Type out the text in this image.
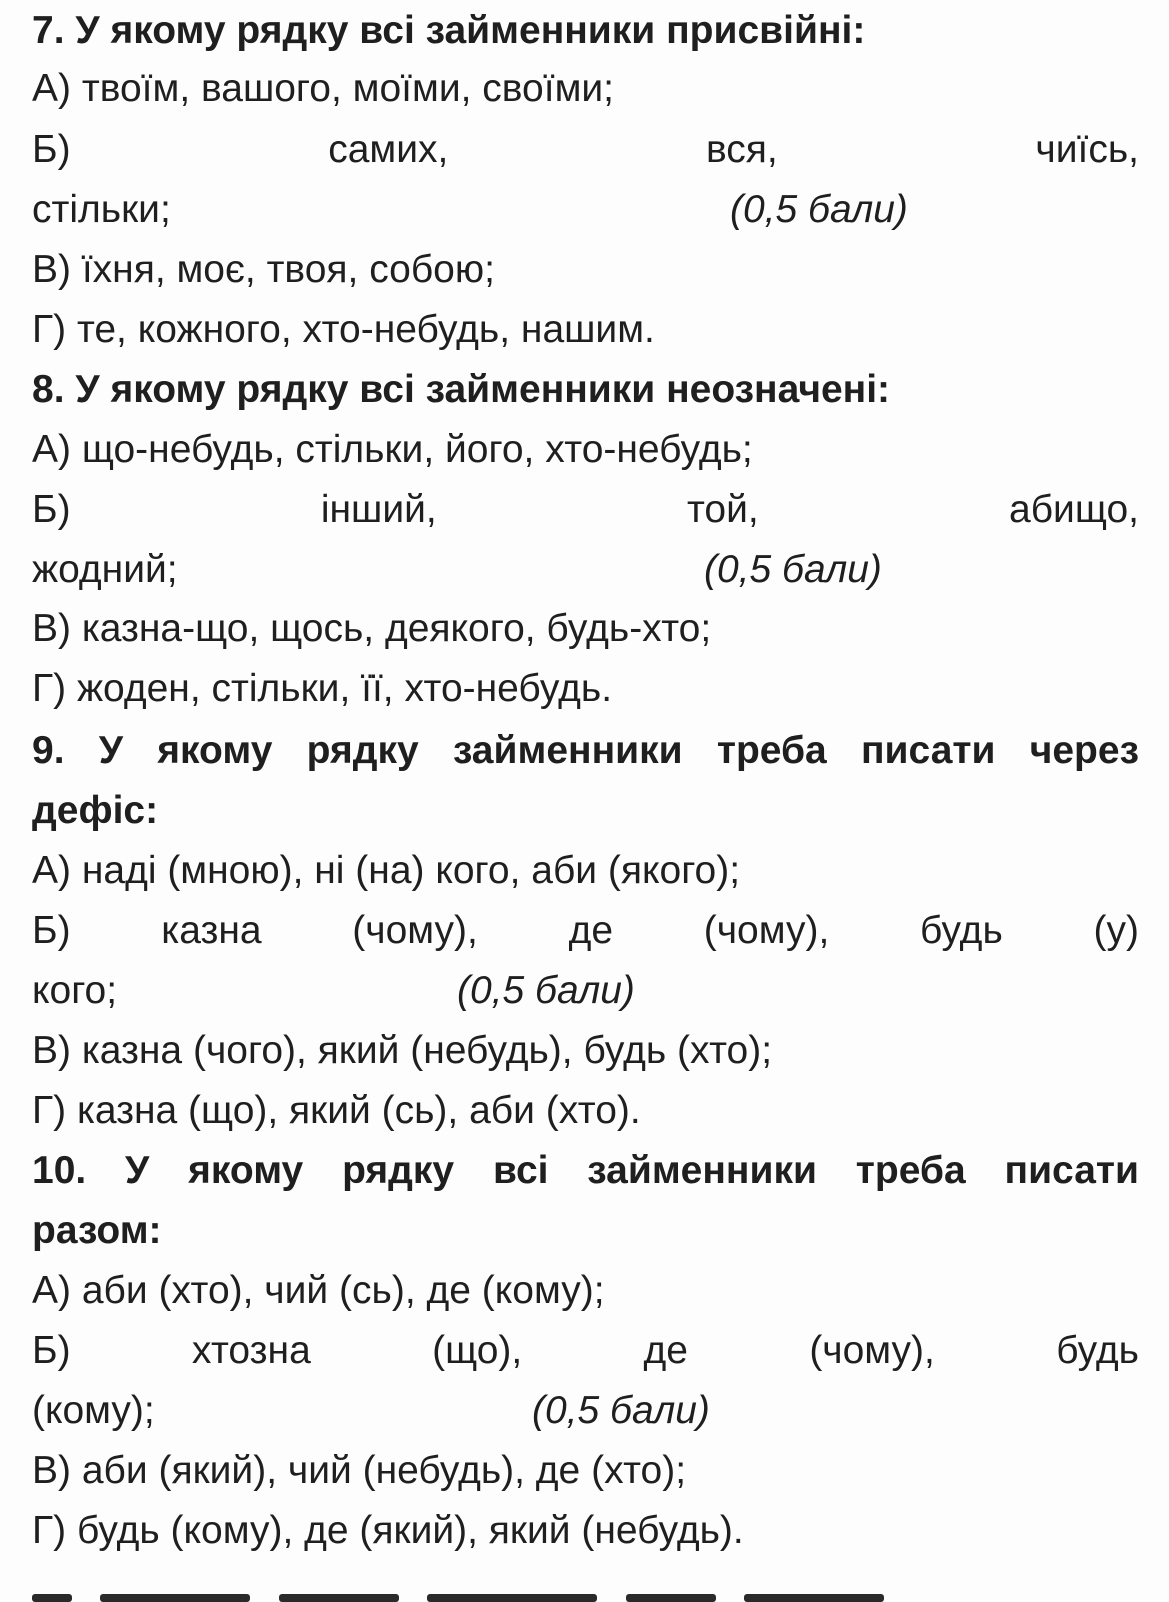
7. У якому рядку всі займенники присвійні:
А) твоїм, вашого, моїми, своїми;
Б)	самих,	вся,	чиїсь,
стільки;	(0,5 бали)
В) їхня, моє, твоя, собою;
Г) те, кожного, хто-небудь, нашим.
8. У якому рядку всі займенники неозначені:
А) що-небудь, стільки, його, хто-небудь;
Б)	інший,	той,	абищо,
жодний;	(0,5 бали)
В) казна-що, щось, деякого, будь-хто;
Г) жоден, стільки, її, хто-небудь.
9. У якому рядку займенники треба писати через
дефіс:
А) наді (мною), ні (на) кого, аби (якого);
Б) казна (чому), де (чому), будь (у)
кого;	(0,5 бали)
В) казна (чого), який (небудь), будь (хто);
Г) казна (що), який (сь), аби (хто).
10. У якому рядку всі займенники треба писати
разом:
А) аби (хто), чий (сь), де (кому);
Б)	хтозна	(що),	де	(чому),	будь
(кому);	(0,5 бали)
В) аби (який), чий (небудь), де (хто);
Г) будь (кому), де (який), який (небудь).
